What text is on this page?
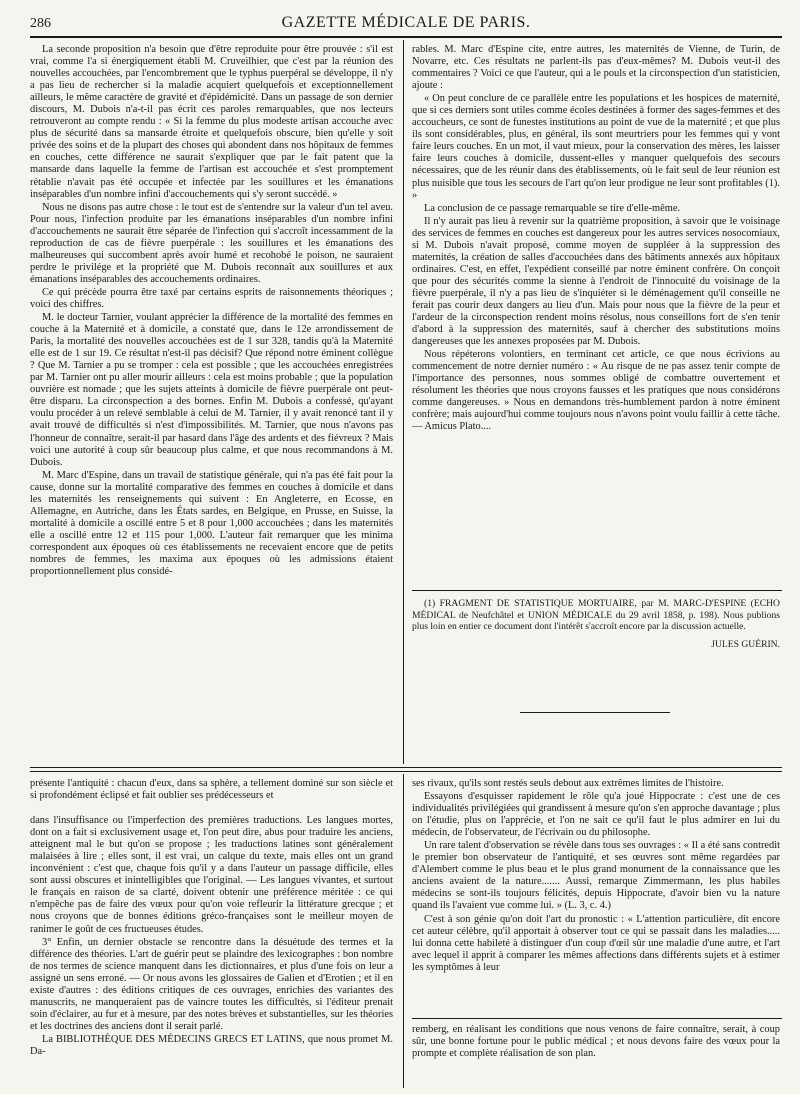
286	GAZETTE MÉDICALE DE PARIS.

La seconde proposition n'a besoin que d'être reproduite pour être prouvée : s'il est vrai, comme l'a si énergiquement établi M. Cruveilhier, que c'est par la réunion des nouvelles accouchées, par l'encombrement que le typhus puerpéral se développe, il n'y a pas lieu de rechercher si la maladie acquiert quelquefois et exceptionnellement ailleurs, le même caractère de gravité et d'épidémicité. Dans un passage de son dernier discours, M. Dubois n'a-t-il pas écrit ces paroles remarquables, que nos lecteurs retrouveront au compte rendu : « Si la femme du plus modeste artisan accouche avec plus de sécurité dans sa mansarde étroite et quelquefois obscure, bien qu'elle y soit privée des soins et de la plupart des choses qui abondent dans nos hôpitaux de femmes en couches, cette différence ne saurait s'expliquer que par le fait patent que la mansarde dans laquelle la femme de l'artisan est accouchée et s'est promptement rétablie n'avait pas été occupée et infectée par les souillures et les émanations inséparables d'un nombre infini d'accouchements qui s'y seront succédé. »

Nous ne disons pas autre chose : le tout est de s'entendre sur la valeur d'un tel aveu. Pour nous, l'infection produite par les émanations inséparables d'un nombre infini d'accouchements ne saurait être séparée de l'infection qui s'accroît incessamment de la reproduction de cas de fièvre puerpérale : les souillures et les émanations des malheureuses qui succombent après avoir humé et recohobé le poison, ne sauraient perdre le privilége et la propriété que M. Dubois reconnaît aux souillures et aux émanations inséparables des accouchements ordinaires.

Ce qui précède pourra être taxé par certains esprits de raisonnements théoriques ; voici des chiffres.

M. le docteur Tarnier, voulant apprécier la différence de la mortalité des femmes en couche à la Maternité et à domicile, a constaté que, dans le 12e arrondissement de Paris, la mortalité des nouvelles accouchées est de 1 sur 328, tandis qu'à la Maternité elle est de 1 sur 19. Ce résultat n'est-il pas décisif? Que répond notre éminent collègue ? Que M. Tarnier a pu se tromper : cela est possible ; que les accouchées enregistrées par M. Tarnier ont pu aller mourir ailleurs : cela est moins probable ; que la population ouvrière est nomade ; que les sujets atteints à domicile de fièvre puerpérale ont peut-être disparu. La circonspection a des bornes. Enfin M. Dubois a confessé, qu'ayant voulu procéder à un relevé semblable à celui de M. Tarnier, il y avait renoncé tant il y avait trouvé de difficultés si n'est d'impossibilités. M. Tarnier, que nous n'avons pas l'honneur de connaître, serait-il par hasard dans l'âge des ardents et des fiévreux ? Mais voici une autorité à coup sûr beaucoup plus calme, et que nous recommandons à M. Dubois.

M. Marc d'Espine, dans un travail de statistique générale, qui n'a pas été fait pour la cause, donne sur la mortalité comparative des femmes en couches à domicile et dans les maternités les renseignements qui suivent : En Angleterre, en Ecosse, en Allemagne, en Autriche, dans les États sardes, en Belgique, en Prusse, en Suisse, la mortalité à domicile a oscillé entre 5 et 8 pour 1,000 accouchées ; dans les maternités elle a oscillé entre 12 et 115 pour 1,000. L'auteur fait remarquer que les minima correspondent aux époques où ces établissements ne recevaient encore que de petits nombres de femmes, les maxima aux époques où les admissions étaient proportionnellement plus considé-

rables. M. Marc d'Espine cite, entre autres, les maternités de Vienne, de Turin, de Novarre, etc. Ces résultats ne parlent-ils pas d'eux-mêmes? M. Dubois veut-il des commentaires ? Voici ce que l'auteur, qui a le pouls et la circonspection d'un statisticien, ajoute :

« On peut conclure de ce parallèle entre les populations et les hospices de maternité, que si ces derniers sont utiles comme écoles destinées à former des sages-femmes et des accoucheurs, ce sont de funestes institutions au point de vue de la maternité ; et que plus ils sont considérables, plus, en général, ils sont meurtriers pour les femmes qui y vont faire leurs couches. En un mot, il vaut mieux, pour la conservation des mères, les laisser faire leurs couches à domicile, dussent-elles y manquer quelquefois des secours nécessaires, que de les réunir dans des établissements, où le fait seul de leur réunion est plus nuisible que tous les secours de l'art qu'on leur prodigue ne leur sont profitables (1). »

La conclusion de ce passage remarquable se tire d'elle-même.

Il n'y aurait pas lieu à revenir sur la quatrième proposition, à savoir que le voisinage des services de femmes en couches est dangereux pour les autres services nosocomiaux, si M. Dubois n'avait proposé, comme moyen de suppléer à la suppression des maternités, la création de salles d'accouchées dans des bâtiments annexés aux hôpitaux ordinaires. C'est, en effet, l'expédient conseillé par notre éminent confrère. On conçoit que pour des sécurités comme la sienne à l'endroit de l'innocuité du voisinage de la fièvre puerpérale, il n'y a pas lieu de s'inquiéter si le déménagement qu'il conseille ne ferait pas courir deux dangers au lieu d'un. Mais pour nous que la fièvre de la peur et l'ardeur de la circonspection rendent moins résolus, nous conseillons fort de s'en tenir d'abord à la suppression des maternités, sauf à chercher des substitutions moins dangereuses que les annexes proposées par M. Dubois.

Nous répéterons volontiers, en terminant cet article, ce que nous écrivions au commencement de notre dernier numéro : « Au risque de ne pas assez tenir compte de l'importance des personnes, nous sommes obligé de combattre ouvertement et résolument les théories que nous croyons fausses et les pratiques que nous considérons comme dangereuses. » Nous en demandons très-humblement pardon à notre éminent confrère; mais aujourd'hui comme toujours nous n'avons point voulu faillir à cette tâche. — Amicus Plato....

(1) FRAGMENT DE STATISTIQUE MORTUAIRE, par M. MARC-D'ESPINE (ECHO MÉDICAL de Neufchâtel et UNION MÉDICALE du 29 avril 1858, p. 198). Nous publions plus loin en entier ce document dont l'intérêt s'accroît encore par la discussion actuelle.

JULES GUÉRIN.

présente l'antiquité : chacun d'eux, dans sa sphère, a tellement dominé sur son siècle et si profondément éclipsé et fait oublier ses prédécesseurs et

dans l'insuffisance ou l'imperfection des premières traductions. Les langues mortes, dont on a fait si exclusivement usage et, l'on peut dire, abus pour traduire les anciens, atteignent mal le but qu'on se propose ; les traductions latines sont généralement malaisées à lire ; elles sont, il est vrai, un calque du texte, mais elles ont un grand inconvénient : c'est que, chaque fois qu'il y a dans l'auteur un passage difficile, elles sont aussi obscures et inintelligibles que l'original. — Les langues vivantes, et surtout le français en raison de sa clarté, doivent obtenir une préférence méritée : ce qui n'empêche pas de faire des vœux pour qu'on voie refleurir la littérature grecque ; et nous croyons que de bonnes éditions gréco-françaises sont le meilleur moyen de ranimer le goût de ces fructueuses études.

3° Enfin, un dernier obstacle se rencontre dans la désuétude des termes et la différence des théories. L'art de guérir peut se plaindre des lexicographes : bon nombre de nos termes de science manquent dans les dictionnaires, et plus d'une fois on leur a assigné un sens erroné. — Or nous avons les glossaires de Galien et d'Erotien ; et il en existe d'autres : des éditions critiques de ces ouvrages, enrichies des variantes des manuscrits, ne manqueraient pas de vaincre toutes les difficultés, si l'éditeur prenait soin d'éclairer, au fur et à mesure, par des notes brèves et substantielles, sur les théories et les doctrines des anciens dont il serait parlé.

La BIBLIOTHÈQUE DES MÉDECINS GRECS ET LATINS, que nous promet M. Da-

ses rivaux, qu'ils sont restés seuls debout aux extrêmes limites de l'histoire.

Essayons d'esquisser rapidement le rôle qu'a joué Hippocrate : c'est une de ces individualités privilégiées qui grandissent à mesure qu'on s'en approche davantage ; plus on l'étudie, plus on l'apprécie, et l'on ne sait ce qu'il faut le plus admirer en lui du médecin, de l'observateur, de l'écrivain ou du philosophe.

Un rare talent d'observation se révèle dans tous ses ouvrages : « Il a été sans contredit le premier bon observateur de l'antiquité, et ses œuvres sont même regardées par d'Alembert comme le plus beau et le plus grand monument de la connaissance que les anciens avaient de la nature....... Aussi, remarque Zimmermann, les plus habiles médecins se sont-ils toujours félicités, depuis Hippocrate, d'avoir bien vu la nature quand ils l'avaient vue comme lui. » (L. 3, c. 4.)

C'est à son génie qu'on doit l'art du pronostic : « L'attention particulière, dit encore cet auteur célèbre, qu'il apportait à observer tout ce qui se passait dans les maladies..... lui donna cette habileté à distinguer d'un coup d'œil sûr une maladie d'une autre, et l'art avec lequel il apprit à comparer les mêmes affections dans différents sujets et à estimer les symptômes à leur

remberg, en réalisant les conditions que nous venons de faire connaître, serait, à coup sûr, une bonne fortune pour le public médical ; et nous devons faire des vœux pour la prompte et complète réalisation de son plan.
